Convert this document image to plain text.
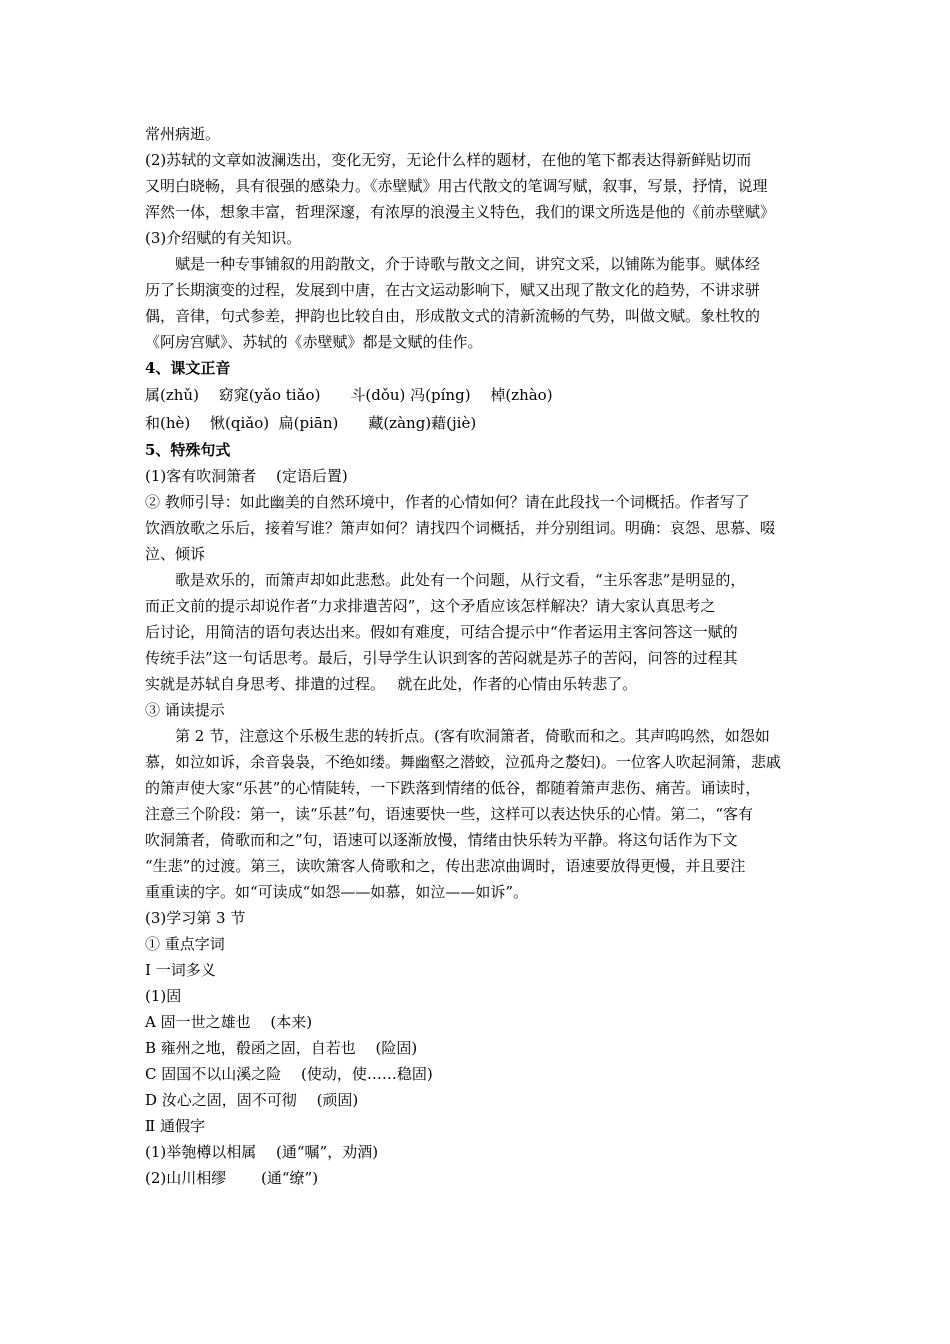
常州病逝。
(2)苏轼的文章如波澜迭出，变化无穷，无论什么样的题材，在他的笔下都表达得新鲜贴切而
又明白晓畅，具有很强的感染力。《赤壁赋》用古代散文的笔调写赋，叙事，写景，抒情，说理
浑然一体，想象丰富，哲理深邃，有浓厚的浪漫主义特色，我们的课文所选是他的《前赤壁赋》
(3)介绍赋的有关知识。
　　赋是一种专事铺叙的用韵散文，介于诗歌与散文之间，讲究文采，以铺陈为能事。赋体经
历了长期演变的过程，发展到中唐，在古文运动影响下，赋又出现了散文化的趋势，不讲求骈
偶，音律，句式参差，押韵也比较自由，形成散文式的清新流畅的气势，叫做文赋。象杜牧的
《阿房宫赋》、苏轼的《赤壁赋》都是文赋的佳作。
4、课文正音
属(zhǔ)　 窈窕(yǎo tiǎo)　　斗(dǒu) 冯(píng)　 棹(zhào)
和(hè)　 愀(qiǎo)  扁(piān)　　藏(zàng)藉(jiè)
5、特殊句式
(1)客有吹洞箫者　 (定语后置)
② 教师引导：如此幽美的自然环境中，作者的心情如何？请在此段找一个词概括。作者写了
饮酒放歌之乐后，接着写谁？箫声如何？请找四个词概括，并分别组词。明确：哀怨、思慕、啜
泣、倾诉
　　歌是欢乐的，而箫声却如此悲愁。此处有一个问题，从行文看，“主乐客悲”是明显的，
而正文前的提示却说作者“力求排遣苦闷”，这个矛盾应该怎样解决？请大家认真思考之
后讨论，用简洁的语句表达出来。假如有难度，可结合提示中“作者运用主客问答这一赋的
传统手法”这一句话思考。最后，引导学生认识到客的苦闷就是苏子的苦闷，问答的过程其
实就是苏轼自身思考、排遣的过程。　 就在此处，作者的心情由乐转悲了。
③ 诵读提示
　　第 2 节，注意这个乐极生悲的转折点。(客有吹洞箫者，倚歌而和之。其声呜呜然，如怨如
慕，如泣如诉，余音袅袅，不绝如缕。舞幽壑之潜蛟，泣孤舟之嫠妇)。一位客人吹起洞箫，悲戚
的箫声使大家“乐甚”的心情陡转，一下跌落到情绪的低谷，都随着箫声悲伤、痛苦。诵读时，
注意三个阶段：第一，读“乐甚”句，语速要快一些，这样可以表达快乐的心情。第二，“客有
吹洞箫者，倚歌而和之”句，语速可以逐渐放慢，情绪由快乐转为平静。将这句话作为下文
“生悲”的过渡。第三，读吹箫客人倚歌和之，传出悲凉曲调时，语速要放得更慢，并且要注
重重读的字。如“可读成“如怨——如慕，如泣——如诉”。
(3)学习第 3 节
① 重点字词
Ⅰ 一词多义
(1)固
A 固一世之雄也　 (本来)
B 雍州之地，殽函之固，自若也　 (险固)
C 固国不以山溪之险　 (使动，使……稳固)
D 汝心之固，固不可彻　 (顽固)
Ⅱ 通假字
(1)举匏樽以相属　 (通“嘱”，劝酒)
(2)山川相缪　　 (通“缭”)
